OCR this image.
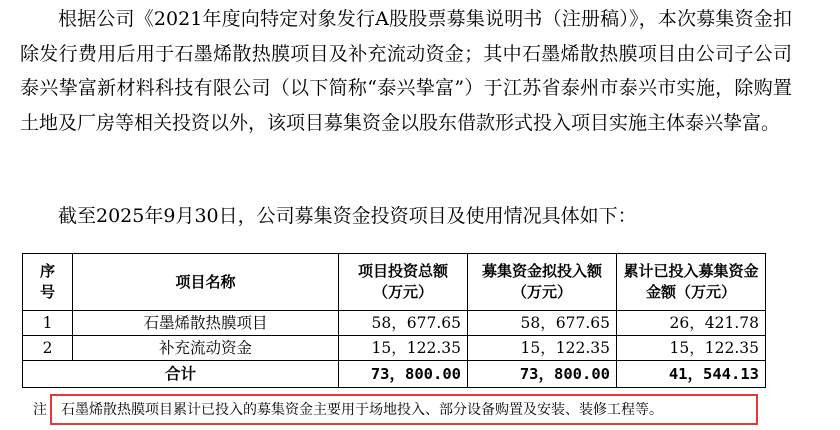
根据公司《2021年度向特定对象发行A股股票募集说明书（注册稿）》，本次募集资金扣除发行费用后用于石墨烯散热膜项目及补充流动资金；其中石墨烯散热膜项目由公司子公司泰兴挚富新材料科技有限公司（以下简称“泰兴挚富”）于江苏省泰州市泰兴市实施，除购置土地及厂房等相关投资以外，该项目募集资金以股东借款形式投入项目实施主体泰兴挚富。

截至2025年9月30日，公司募集资金投资项目及使用情况具体如下：

序号	项目名称	项目投资总额（万元）	募集资金拟投入额（万元）	累计已投入募集资金金额（万元）
1	石墨烯散热膜项目	58，677.65	58，677.65	26，421.78
2	补充流动资金	15，122.35	15，122.35	15，122.35
合计		73，800.00	73，800.00	41，544.13
注 石墨烯散热膜项目累计已投入的募集资金主要用于场地投入、部分设备购置及安装、装修工程等。
